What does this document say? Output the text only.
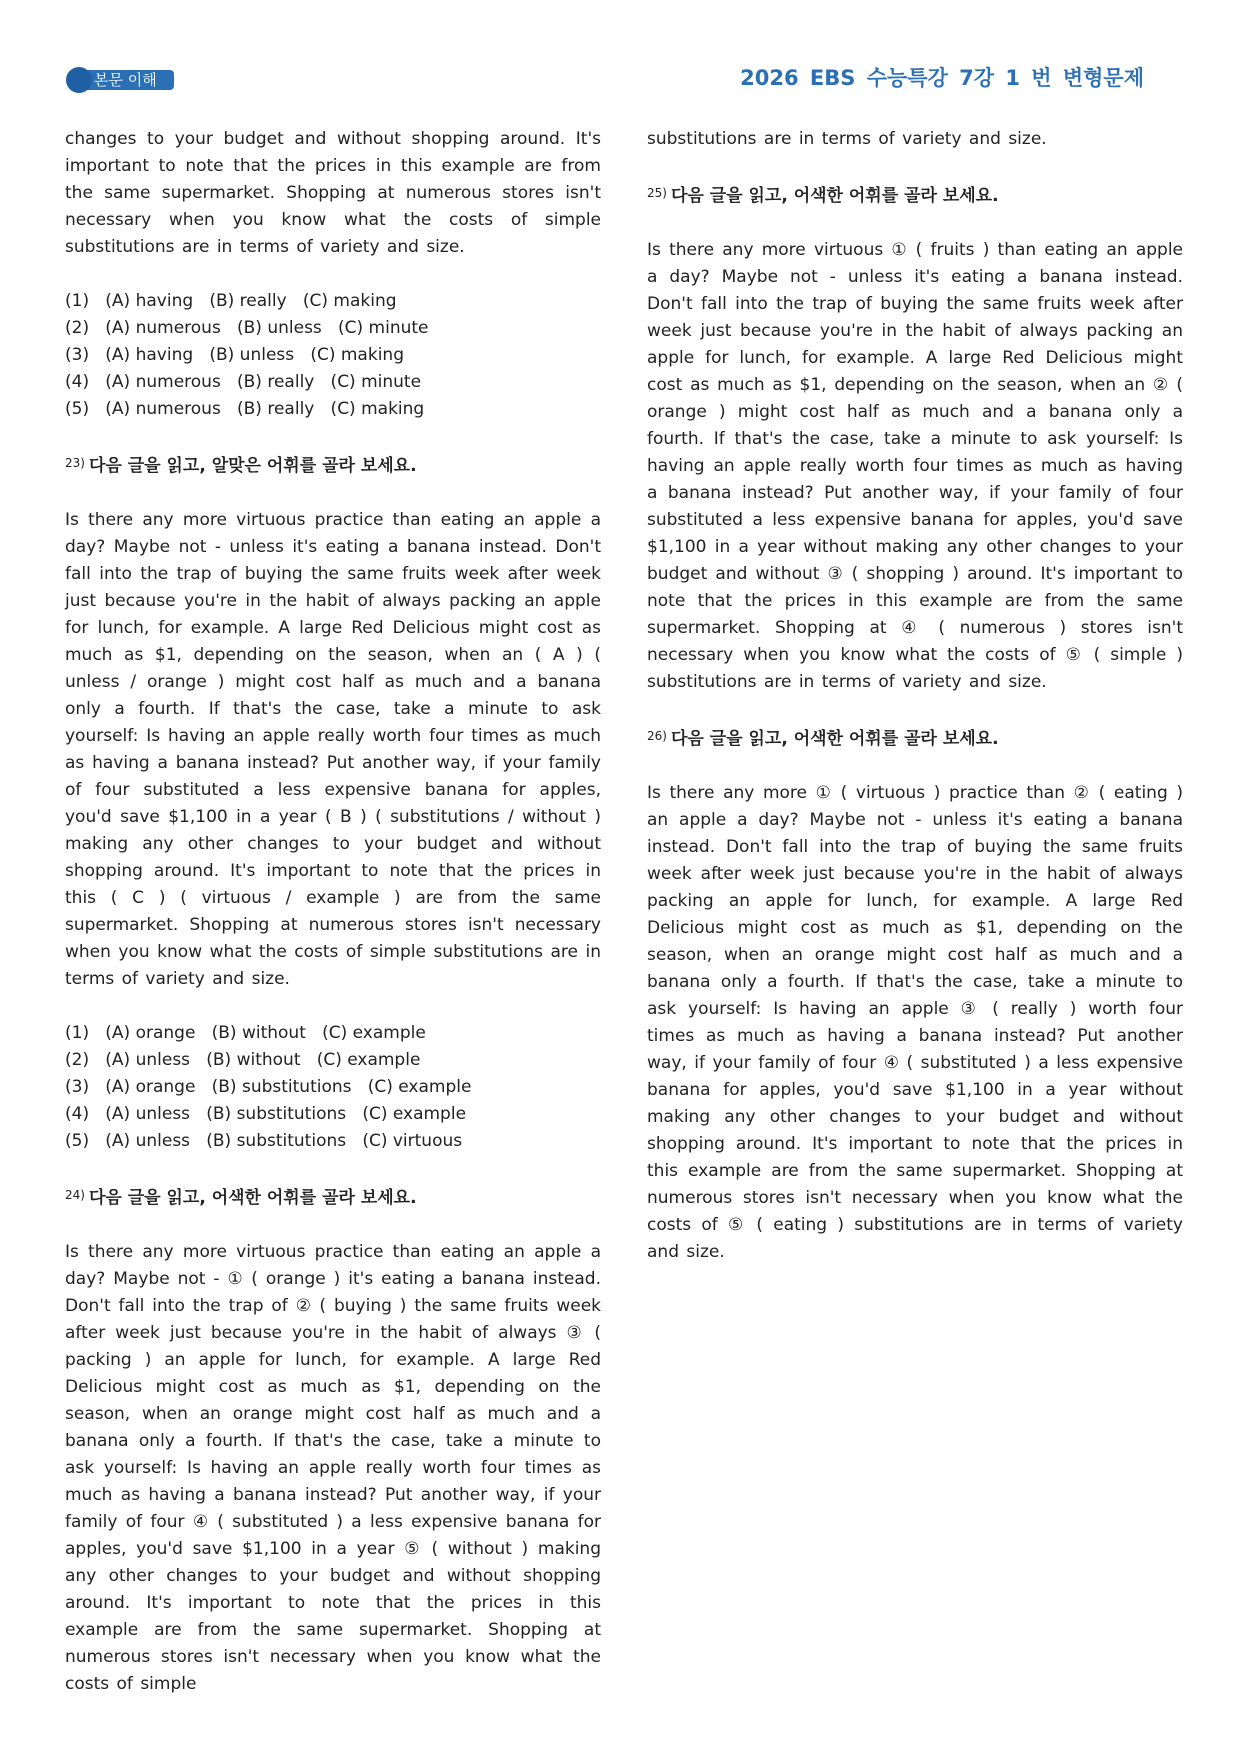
본문 이해	2026 EBS 수능특강 7강 1 번 변형문제

changes to your budget and without shopping around. It's important to note that the prices in this example are from the same supermarket. Shopping at numerous stores isn't necessary when you know what the costs of simple substitutions are in terms of variety and size.

(1)   (A) having   (B) really   (C) making
(2)   (A) numerous   (B) unless   (C) minute
(3)   (A) having   (B) unless   (C) making
(4)   (A) numerous   (B) really   (C) minute
(5)   (A) numerous   (B) really   (C) making

$^{23)}$ 다음 글을 읽고, 알맞은 어휘를 골라 보세요.

Is there any more virtuous practice than eating an apple a day? Maybe not - unless it's eating a banana instead. Don't fall into the trap of buying the same fruits week after week just because you're in the habit of always packing an apple for lunch, for example. A large Red Delicious might cost as much as $1, depending on the season, when an ( A ) ( unless / orange ) might cost half as much and a banana only a fourth. If that's the case, take a minute to ask yourself: Is having an apple really worth four times as much as having a banana instead? Put another way, if your family of four substituted a less expensive banana for apples, you'd save $1,100 in a year ( B ) ( substitutions / without ) making any other changes to your budget and without shopping around. It's important to note that the prices in this ( C ) ( virtuous / example ) are from the same supermarket. Shopping at numerous stores isn't necessary when you know what the costs of simple substitutions are in terms of variety and size.

(1)   (A) orange   (B) without   (C) example
(2)   (A) unless   (B) without   (C) example
(3)   (A) orange   (B) substitutions   (C) example
(4)   (A) unless   (B) substitutions   (C) example
(5)   (A) unless   (B) substitutions   (C) virtuous

$^{24)}$ 다음 글을 읽고, 어색한 어휘를 골라 보세요.

Is there any more virtuous practice than eating an apple a day? Maybe not - ① ( orange ) it's eating a banana instead. Don't fall into the trap of ② ( buying ) the same fruits week after week just because you're in the habit of always ③ ( packing ) an apple for lunch, for example. A large Red Delicious might cost as much as $1, depending on the season, when an orange might cost half as much and a banana only a fourth. If that's the case, take a minute to ask yourself: Is having an apple really worth four times as much as having a banana instead? Put another way, if your family of four ④ ( substituted ) a less expensive banana for apples, you'd save $1,100 in a year ⑤ ( without ) making any other changes to your budget and without shopping around. It's important to note that the prices in this example are from the same supermarket. Shopping at numerous stores isn't necessary when you know what the costs of simple

substitutions are in terms of variety and size.

$^{25)}$ 다음 글을 읽고, 어색한 어휘를 골라 보세요.

Is there any more virtuous ① ( fruits ) than eating an apple a day? Maybe not - unless it's eating a banana instead. Don't fall into the trap of buying the same fruits week after week just because you're in the habit of always packing an apple for lunch, for example. A large Red Delicious might cost as much as $1, depending on the season, when an ② ( orange ) might cost half as much and a banana only a fourth. If that's the case, take a minute to ask yourself: Is having an apple really worth four times as much as having a banana instead? Put another way, if your family of four substituted a less expensive banana for apples, you'd save $1,100 in a year without making any other changes to your budget and without ③ ( shopping ) around. It's important to note that the prices in this example are from the same supermarket. Shopping at ④ ( numerous ) stores isn't necessary when you know what the costs of ⑤ ( simple ) substitutions are in terms of variety and size.

$^{26)}$ 다음 글을 읽고, 어색한 어휘를 골라 보세요.

Is there any more ① ( virtuous ) practice than ② ( eating ) an apple a day? Maybe not - unless it's eating a banana instead. Don't fall into the trap of buying the same fruits week after week just because you're in the habit of always packing an apple for lunch, for example. A large Red Delicious might cost as much as $1, depending on the season, when an orange might cost half as much and a banana only a fourth. If that's the case, take a minute to ask yourself: Is having an apple ③ ( really ) worth four times as much as having a banana instead? Put another way, if your family of four ④ ( substituted ) a less expensive banana for apples, you'd save $1,100 in a year without making any other changes to your budget and without shopping around. It's important to note that the prices in this example are from the same supermarket. Shopping at numerous stores isn't necessary when you know what the costs of ⑤ ( eating ) substitutions are in terms of variety and size.
